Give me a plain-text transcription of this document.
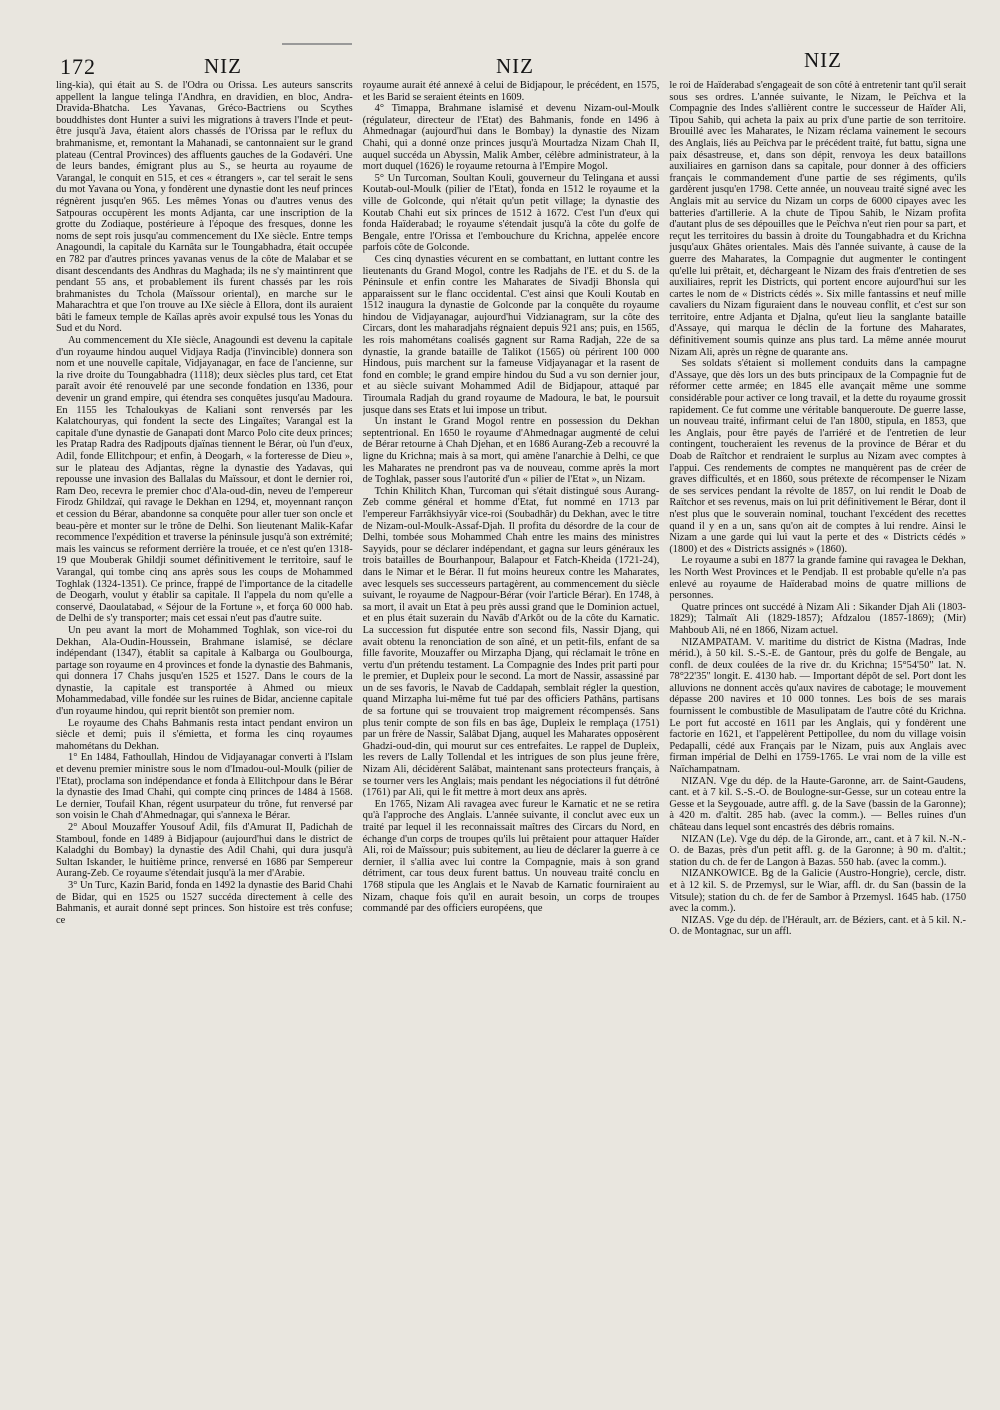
172	NIZ	NIZ	NIZ

ling-kia), qui était au S. de l'Odra ou Orissa. Les auteurs sanscrits appellent la langue telinga l'Andhra, en dravidien, en bloc, Andra-Dravida-Bhatcha. Les Yavanas, Gréco-Bactriens ou Scythes bouddhistes dont Hunter a suivi les migrations à travers l'Inde et peut-être jusqu'à Java, étaient alors chassés de l'Orissa par le reflux du brahmanisme, et, remontant la Mahanadi, se cantonnaient sur le grand plateau (Central Provinces) des affluents gauches de la Godavéri. Une de leurs bandes, émigrant plus au S., se heurta au royaume de Varangal, le conquit en 515, et ces « étrangers », car tel serait le sens du mot Yavana ou Yona, y fondèrent une dynastie dont les neuf princes régnèrent jusqu'en 965. Les mêmes Yonas ou d'autres venus des Satpouras occupèrent les monts Adjanta, car une inscription de la grotte du Zodiaque, postérieure à l'époque des fresques, donne les noms de sept rois jusqu'au commencement du IXe siècle. Entre temps Anagoundi, la capitale du Karnâta sur le Toungabhadra, était occupée en 782 par d'autres princes yavanas venus de la côte de Malabar et se disant descendants des Andhras du Maghada; ils ne s'y maintinrent que pendant 55 ans, et probablement ils furent chassés par les rois brahmanistes du Tchola (Maïssour oriental), en marche sur le Maharachtra et que l'on trouve au IXe siècle à Ellora, dont ils auraient bâti le fameux temple de Kaïlas après avoir expulsé tous les Yonas du Sud et du Nord.

Au commencement du XIe siècle, Anagoundi est devenu la capitale d'un royaume hindou auquel Vidjaya Radja (l'invincible) donnera son nom et une nouvelle capitale, Vidjayanagar, en face de l'ancienne, sur la rive droite du Toungabhadra (1118); deux siècles plus tard, cet Etat paraît avoir été renouvelé par une seconde fondation en 1336, pour devenir un grand empire, qui étendra ses conquêtes jusqu'au Madoura. En 1155 les Tchaloukyas de Kaliani sont renversés par les Kalatchouryas, qui fondent la secte des Lingaïtes; Varangal est la capitale d'une dynastie de Ganapati dont Marco Polo cite deux princes; les Pratap Radra des Radjpouts djaïnas tiennent le Bérar, où l'un d'eux, Adil, fonde Ellitchpour; et enfin, à Deogarh, « la forteresse de Dieu », sur le plateau des Adjantas, règne la dynastie des Yadavas, qui repousse une invasion des Ballalas du Maïssour, et dont le dernier roi, Ram Deo, recevra le premier choc d'Ala-oud-din, neveu de l'empereur Firodz Ghildzaï, qui ravage le Dekhan en 1294, et, moyennant rançon et cession du Bérar, abandonne sa conquête pour aller tuer son oncle et beau-père et monter sur le trône de Delhi. Son lieutenant Malik-Kafar recommence l'expédition et traverse la péninsule jusqu'à son extrémité; mais les vaincus se reforment derrière la trouée, et ce n'est qu'en 1318-19 que Mouberak Ghildji soumet définitivement le territoire, sauf le Varangal, qui tombe cinq ans après sous les coups de Mohammed Toghlak (1324-1351). Ce prince, frappé de l'importance de la citadelle de Deogarh, voulut y établir sa capitale. Il l'appela du nom qu'elle a conservé, Daoulatabad, « Séjour de la Fortune », et força 60 000 hab. de Delhi de s'y transporter; mais cet essai n'eut pas d'autre suite.

Un peu avant la mort de Mohammed Toghlak, son vice-roi du Dekhan, Ala-Oudin-Houssein, Brahmane islamisé, se déclare indépendant (1347), établit sa capitale à Kalbarga ou Goulbourga, partage son royaume en 4 provinces et fonde la dynastie des Bahmanis, qui donnera 17 Chahs jusqu'en 1525 et 1527. Dans le cours de la dynastie, la capitale est transportée à Ahmed ou mieux Mohammedabad, ville fondée sur les ruines de Bidar, ancienne capitale d'un royaume hindou, qui reprit bientôt son premier nom.

Le royaume des Chahs Bahmanis resta intact pendant environ un siècle et demi; puis il s'émietta, et forma les cinq royaumes mahométans du Dekhan.

1° En 1484, Fathoullah, Hindou de Vidjayanagar converti à l'Islam et devenu premier ministre sous le nom d'Imadou-oul-Moulk (pilier de l'Etat), proclama son indépendance et fonda à Ellitchpour dans le Bérar la dynastie des Imad Chahi, qui compte cinq princes de 1484 à 1568. Le dernier, Toufail Khan, régent usurpateur du trône, fut renversé par son voisin le Chah d'Ahmednagar, qui s'annexa le Bérar.

2° Aboul Mouzaffer Yousouf Adil, fils d'Amurat II, Padichah de Stamboul, fonde en 1489 à Bidjapour (aujourd'hui dans le district de Kaladghi du Bombay) la dynastie des Adil Chahi, qui dura jusqu'à Sultan Iskander, le huitième prince, renversé en 1686 par Sempereur Aurang-Zeb. Ce royaume s'étendait jusqu'à la mer d'Arabie.

3° Un Turc, Kazin Barid, fonda en 1492 la dynastie des Barid Chahi de Bidar, qui en 1525 ou 1527 succéda directement à celle des Bahmanis, et aurait donné sept princes. Son histoire est très confuse; ce

royaume aurait été annexé à celui de Bidjapour, le précédent, en 1575, et les Barid se seraient éteints en 1609.

4° Timappa, Brahmane islamisé et devenu Nizam-oul-Moulk (régulateur, directeur de l'Etat) des Bahmanis, fonde en 1496 à Ahmednagar (aujourd'hui dans le Bombay) la dynastie des Nizam Chahi, qui a donné onze princes jusqu'à Mourtadza Nizam Chah II, auquel succéda un Abyssin, Malik Amber, célèbre administrateur, à la mort duquel (1626) le royaume retourna à l'Empire Mogol.

5° Un Turcoman, Soultan Kouli, gouverneur du Telingana et aussi Koutab-oul-Moulk (pilier de l'Etat), fonda en 1512 le royaume et la ville de Golconde, qui n'était qu'un petit village; la dynastie des Koutab Chahi eut six princes de 1512 à 1672. C'est l'un d'eux qui fonda Haïderabad; le royaume s'étendait jusqu'à la côte du golfe de Bengale, entre l'Orissa et l'embouchure du Krichna, appelée encore parfois côte de Golconde.

Ces cinq dynasties vécurent en se combattant, en luttant contre les lieutenants du Grand Mogol, contre les Radjahs de l'E. et du S. de la Péninsule et enfin contre les Maharates de Sivadji Bhonsla qui apparaissent sur le flanc occidental. C'est ainsi que Kouli Koutab en 1512 inaugura la dynastie de Golconde par la conquête du royaume hindou de Vidjayanagar, aujourd'hui Vidzianagram, sur la côte des Circars, dont les maharadjahs régnaient depuis 921 ans; puis, en 1565, les rois mahométans coalisés gagnent sur Rama Radjah, 22e de sa dynastie, la grande bataille de Talikot (1565) où périrent 100 000 Hindous, puis marchent sur la fameuse Vidjayanagar et la rasent de fond en comble; le grand empire hindou du Sud a vu son dernier jour, et au siècle suivant Mohammed Adil de Bidjapour, attaqué par Tiroumala Radjah du grand royaume de Madoura, le bat, le poursuit jusque dans ses Etats et lui impose un tribut.

Un instant le Grand Mogol rentre en possession du Dekhan septentrional. En 1650 le royaume d'Ahmednagar augmenté de celui de Bérar retourne à Chah Djehan, et en 1686 Aurang-Zeb a recouvré la ligne du Krichna; mais à sa mort, qui amène l'anarchie à Delhi, ce que les Maharates ne prendront pas va de nouveau, comme après la mort de Toghlak, passer sous l'autorité d'un « pilier de l'Etat », un Nizam.

Tchin Khilitch Khan, Turcoman qui s'était distingué sous Aurang-Zeb comme général et homme d'Etat, fut nommé en 1713 par l'empereur Farrâkhsiyyâr vice-roi (Soubadhâr) du Dekhan, avec le titre de Nizam-oul-Moulk-Assaf-Djah. Il profita du désordre de la cour de Delhi, tombée sous Mohammed Chah entre les mains des ministres Sayyids, pour se déclarer indépendant, et gagna sur leurs généraux les trois batailles de Bourhanpour, Balapour et Fatch-Kheida (1721-24), dans le Nimar et le Bérar. Il fut moins heureux contre les Maharates, avec lesquels ses successeurs partagèrent, au commencement du siècle suivant, le royaume de Nagpour-Bérar (voir l'article Bérar). En 1748, à sa mort, il avait un Etat à peu près aussi grand que le Dominion actuel, et en plus était suzerain du Navâb d'Arkôt ou de la côte du Karnatic. La succession fut disputée entre son second fils, Nassir Djang, qui avait obtenu la renonciation de son aîné, et un petit-fils, enfant de sa fille favorite, Mouzaffer ou Mirzapha Djang, qui réclamait le trône en vertu d'un prétendu testament. La Compagnie des Indes prit parti pour le premier, et Dupleix pour le second. La mort de Nassir, assassiné par un de ses favoris, le Navab de Caddapah, semblait régler la question, quand Mirzapha lui-même fut tué par des officiers Pathâns, partisans de sa fortune qui se trouvaient trop maigrement récompensés. Sans plus tenir compte de son fils en bas âge, Dupleix le remplaça (1751) par un frère de Nassir, Salâbat Djang, auquel les Maharates opposèrent Ghadzi-oud-din, qui mourut sur ces entrefaites. Le rappel de Dupleix, les revers de Lally Tollendal et les intrigues de son plus jeune frère, Nizam Ali, décidèrent Salâbat, maintenant sans protecteurs français, à se tourner vers les Anglais; mais pendant les négociations il fut détrôné (1761) par Ali, qui le fit mettre à mort deux ans après.

En 1765, Nizam Ali ravagea avec fureur le Karnatic et ne se retira qu'à l'approche des Anglais. L'année suivante, il conclut avec eux un traité par lequel il les reconnaissait maîtres des Circars du Nord, en échange d'un corps de troupes qu'ils lui prêtaient pour attaquer Haïder Ali, roi de Maïssour; puis subitement, au lieu de déclarer la guerre à ce dernier, il s'allia avec lui contre la Compagnie, mais à son grand détriment, car tous deux furent battus. Un nouveau traité conclu en 1768 stipula que les Anglais et le Navab de Karnatic fourniraient au Nizam, chaque fois qu'il en aurait besoin, un corps de troupes commandé par des officiers européens, que

le roi de Haïderabad s'engageait de son côté à entretenir tant qu'il serait sous ses ordres. L'année suivante, le Nizam, le Peïchva et la Compagnie des Indes s'allièrent contre le successeur de Haïder Ali, Tipou Sahib, qui acheta la paix au prix d'une partie de son territoire. Brouillé avec les Maharates, le Nizam réclama vainement le secours des Anglais, liés au Peïchva par le précédent traité, fut battu, signa une paix désastreuse, et, dans son dépit, renvoya les deux bataillons auxiliaires en garnison dans sa capitale, pour donner à des officiers français le commandement d'une partie de ses régiments, qu'ils gardèrent jusqu'en 1798. Cette année, un nouveau traité signé avec les Anglais mit au service du Nizam un corps de 6000 cipayes avec les batteries d'artillerie. A la chute de Tipou Sahib, le Nizam profita d'autant plus de ses dépouilles que le Peïchva n'eut rien pour sa part, et reçut les territoires du bassin à droite du Toungabhadra et du Krichna jusqu'aux Ghâtes orientales. Mais dès l'année suivante, à cause de la guerre des Maharates, la Compagnie dut augmenter le contingent qu'elle lui prêtait, et, déchargeant le Nizam des frais d'entretien de ses auxiliaires, reprit les Districts, qui portent encore aujourd'hui sur les cartes le nom de « Districts cédés ». Six mille fantassins et neuf mille cavaliers du Nizam figuraient dans le nouveau conflit, et c'est sur son territoire, entre Adjanta et Djalna, qu'eut lieu la sanglante bataille d'Assaye, qui marqua le déclin de la fortune des Maharates, définitivement soumis quinze ans plus tard. La même année mourut Nizam Ali, après un règne de quarante ans.

Ses soldats s'étaient si mollement conduits dans la campagne d'Assaye, que dès lors un des buts principaux de la Compagnie fut de réformer cette armée; en 1845 elle avançait même une somme considérable pour activer ce long travail, et la dette du royaume grossit rapidement. Ce fut comme une véritable banqueroute. De guerre lasse, un nouveau traité, infirmant celui de l'an 1800, stipula, en 1853, que les Anglais, pour être payés de l'arriéré et de l'entretien de leur contingent, toucheraient les revenus de la province de Bérar et du Doab de Raïtchor et rendraient le surplus au Nizam avec comptes à l'appui. Ces rendements de comptes ne manquèrent pas de créer de graves difficultés, et en 1860, sous prétexte de récompenser le Nizam de ses services pendant la révolte de 1857, on lui rendit le Doab de Raïtchor et ses revenus, mais on lui prit définitivement le Bérar, dont il n'est plus que le souverain nominal, touchant l'excédent des recettes quand il y en a un, sans qu'on ait de comptes à lui rendre. Ainsi le Nizam a une garde qui lui vaut la perte et des « Districts cédés » (1800) et des « Districts assignés » (1860).

Le royaume a subi en 1877 la grande famine qui ravagea le Dekhan, les North West Provinces et le Pendjab. Il est probable qu'elle n'a pas enlevé au royaume de Haïderabad moins de quatre millions de personnes.

Quatre princes ont succédé à Nizam Ali : Sikander Djah Ali (1803-1829); Talmaït Ali (1829-1857); Afdzalou (1857-1869); (Mir) Mahboub Ali, né en 1866, Nizam actuel.

NIZAMPATAM. V. maritime du district de Kistna (Madras, Inde mérid.), à 50 kil. S.-S.-E. de Gantour, près du golfe de Bengale, au confl. de deux coulées de la rive dr. du Krichna; 15°54'50" lat. N. 78°22'35" longit. E. 4130 hab. — Important dépôt de sel. Port dont les alluvions ne donnent accès qu'aux navires de cabotage; le mouvement dépasse 200 navires et 10 000 tonnes. Les bois de ses marais fournissent le combustible de Masulipatam de l'autre côté du Krichna. Le port fut accosté en 1611 par les Anglais, qui y fondèrent une factorie en 1621, et l'appelèrent Pettipollee, du nom du village voisin Pedapalli, cédé aux Français par le Nizam, puis aux Anglais avec firman impérial de Delhi en 1759-1765. Le vrai nom de la ville est Naïchampatnam.

NIZAN. Vge du dép. de la Haute-Garonne, arr. de Saint-Gaudens, cant. et à 7 kil. S.-S.-O. de Boulogne-sur-Gesse, sur un coteau entre la Gesse et la Seygouade, autre affl. g. de la Save (bassin de la Garonne); à 420 m. d'altit. 285 hab. (avec la comm.). — Belles ruines d'un château dans lequel sont encastrés des débris romains.

NIZAN (Le). Vge du dép. de la Gironde, arr., cant. et à 7 kil. N.-N.-O. de Bazas, près d'un petit affl. g. de la Garonne; à 90 m. d'altit.; station du ch. de fer de Langon à Bazas. 550 hab. (avec la comm.).

NIZANKOWICE. Bg de la Galicie (Austro-Hongrie), cercle, distr. et à 12 kil. S. de Przemysl, sur le Wiar, affl. dr. du San (bassin de la Vitsule); station du ch. de fer de Sambor à Przemysl. 1645 hab. (1750 avec la comm.).

NIZAS. Vge du dép. de l'Hérault, arr. de Béziers, cant. et à 5 kil. N.-O. de Montagnac, sur un affl.
